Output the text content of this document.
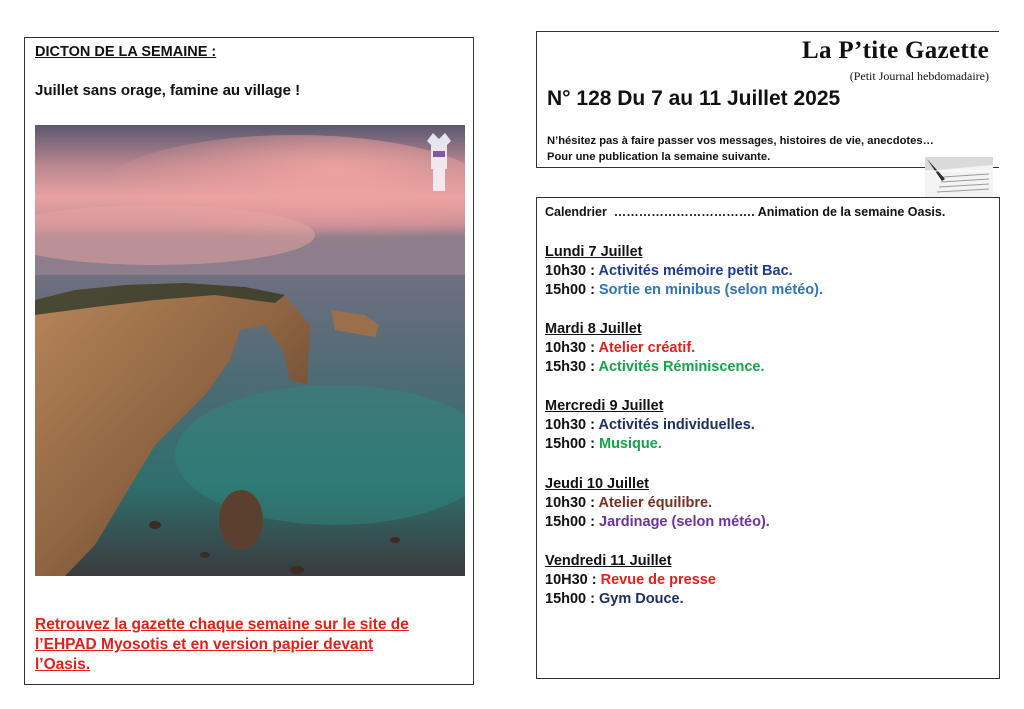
DICTON DE LA SEMAINE :
Juillet sans orage, famine au village !
Retrouvez la gazette chaque semaine sur le site de
l’EHPAD Myosotis et en version papier devant
l’Oasis.
La P’tite Gazette
(Petit Journal hebdomadaire)
N° 128 Du 7 au 11 Juillet 2025
N’hésitez pas à faire passer vos messages, histoires de vie, anecdotes…
Pour une publication la semaine suivante.
Calendrier  ……………………………. Animation de la semaine Oasis.
Lundi 7 Juillet
10h30 : Activités mémoire petit Bac.
15h00 : Sortie en minibus (selon météo).
Mardi 8 Juillet
10h30 : Atelier créatif.
15h30 : Activités Réminiscence.
Mercredi 9 Juillet
10h30 : Activités individuelles.
15h00 : Musique.
Jeudi 10 Juillet
10h30 : Atelier équilibre.
15h00 : Jardinage (selon météo).
Vendredi 11 Juillet
10H30 : Revue de presse
15h00 : Gym Douce.
